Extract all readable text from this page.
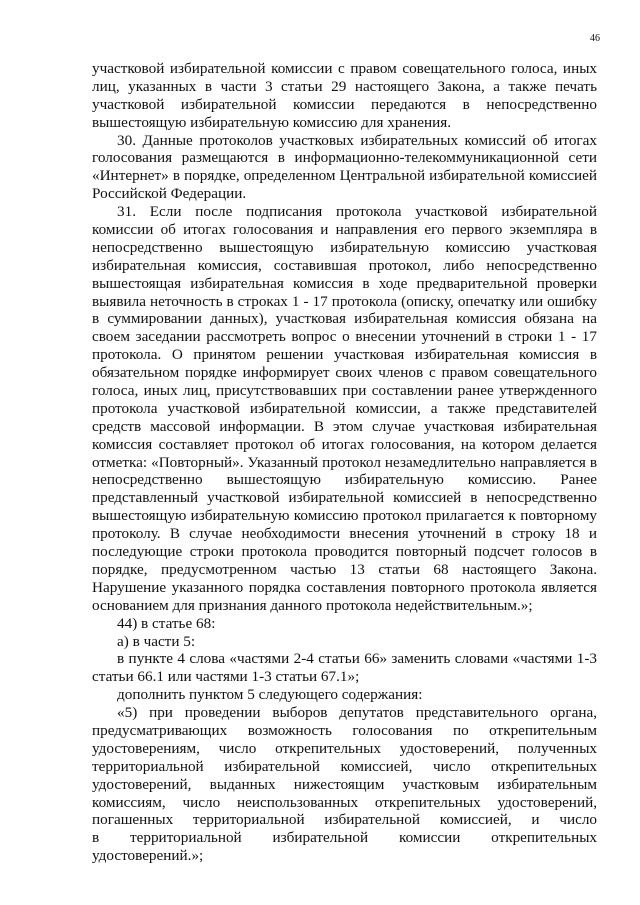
46
участковой избирательной комиссии с правом совещательного голоса, иных
лиц, указанных в части 3 статьи 29 настоящего Закона, а также печать
участковой избирательной комиссии передаются в непосредственно
вышестоящую избирательную комиссию для хранения.
30. Данные протоколов участковых избирательных комиссий об итогах
голосования размещаются в информационно-телекоммуникационной сети
«Интернет» в порядке, определенном Центральной избирательной комиссией
Российской Федерации.
31. Если после подписания протокола участковой избирательной
комиссии об итогах голосования и направления его первого экземпляра в
непосредственно вышестоящую избирательную комиссию участковая
избирательная комиссия, составившая протокол, либо непосредственно
вышестоящая избирательная комиссия в ходе предварительной проверки
выявила неточность в строках 1 - 17 протокола (описку, опечатку или ошибку
в суммировании данных), участковая избирательная комиссия обязана на
своем заседании рассмотреть вопрос о внесении уточнений в строки 1 - 17
протокола. О принятом решении участковая избирательная комиссия в
обязательном порядке информирует своих членов с правом совещательного
голоса, иных лиц, присутствовавших при составлении ранее утвержденного
протокола участковой избирательной комиссии, а также представителей
средств массовой информации. В этом случае участковая избирательная
комиссия составляет протокол об итогах голосования, на котором делается
отметка: «Повторный». Указанный протокол незамедлительно направляется в
непосредственно вышестоящую избирательную комиссию. Ранее
представленный участковой избирательной комиссией в непосредственно
вышестоящую избирательную комиссию протокол прилагается к повторному
протоколу. В случае необходимости внесения уточнений в строку 18 и
последующие строки протокола проводится повторный подсчет голосов в
порядке, предусмотренном частью 13 статьи 68 настоящего Закона.
Нарушение указанного порядка составления повторного протокола является
основанием для признания данного протокола недействительным.»;
44) в статье 68:
а) в части 5:
в пункте 4 слова «частями 2-4 статьи 66» заменить словами «частями 1-3
статьи 66.1 или частями 1-3 статьи 67.1»;
дополнить пунктом 5 следующего содержания:
«5) при проведении выборов депутатов представительного органа,
предусматривающих возможность голосования по открепительным
удостоверениям, число открепительных удостоверений, полученных
территориальной избирательной комиссией, число открепительных
удостоверений, выданных нижестоящим участковым избирательным
комиссиям, число неиспользованных открепительных удостоверений,
погашенных территориальной избирательной комиссией, и число
в территориальной избирательной комиссии открепительных
удостоверений.»;
